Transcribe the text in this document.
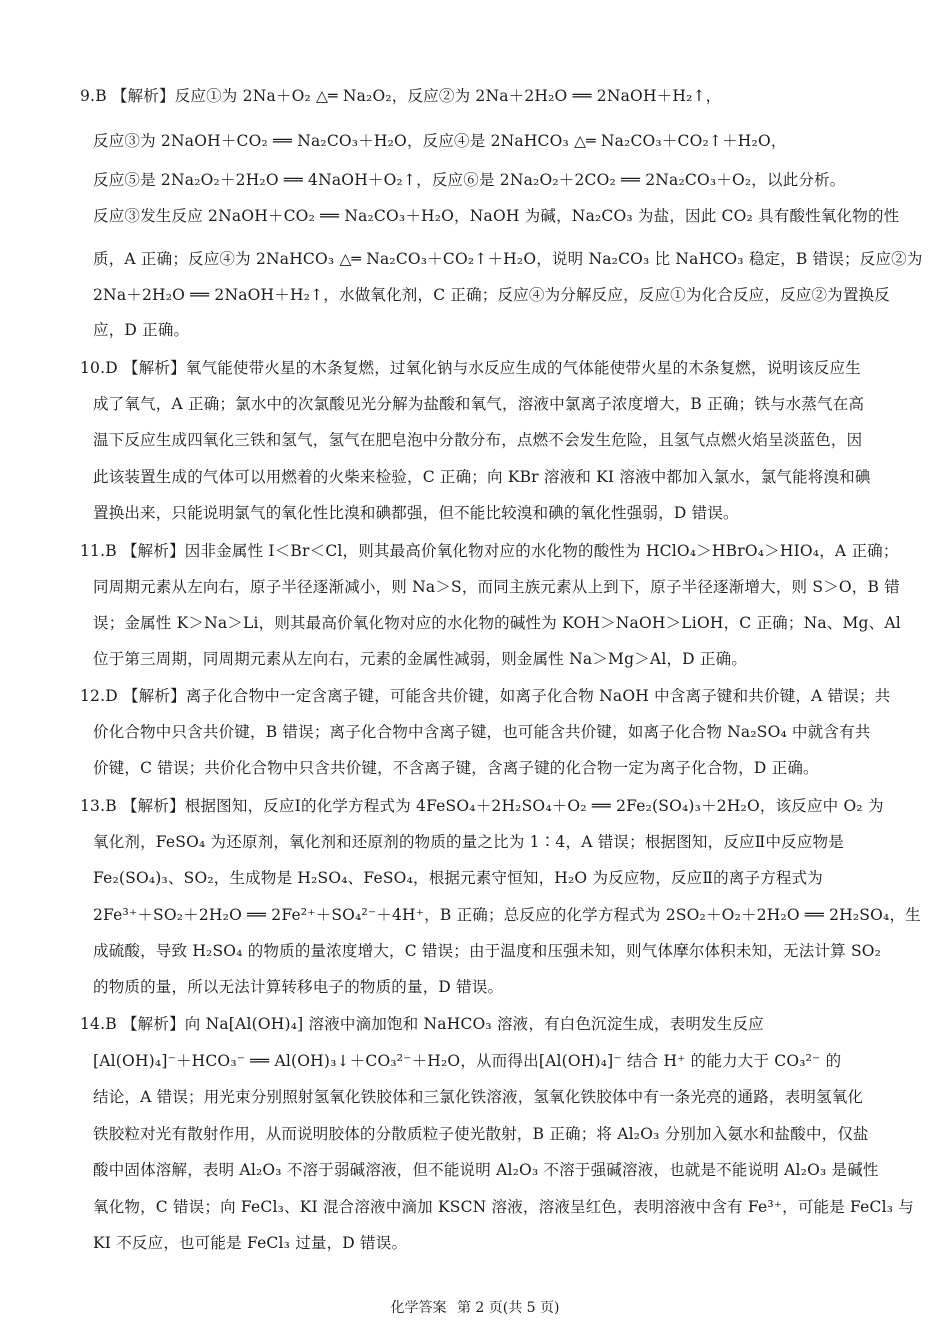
9.B 【解析】反应①为 2Na＋O₂ △═ Na₂O₂，反应②为 2Na＋2H₂O ══ 2NaOH＋H₂↑，
反应③为 2NaOH＋CO₂ ══ Na₂CO₃＋H₂O，反应④是 2NaHCO₃ △═ Na₂CO₃＋CO₂↑＋H₂O，
反应⑤是 2Na₂O₂＋2H₂O ══ 4NaOH＋O₂↑，反应⑥是 2Na₂O₂＋2CO₂ ══ 2Na₂CO₃＋O₂，以此分析。
反应③发生反应 2NaOH＋CO₂ ══ Na₂CO₃＋H₂O，NaOH 为碱，Na₂CO₃ 为盐，因此 CO₂ 具有酸性氧化物的性
质，A 正确；反应④为 2NaHCO₃ △═ Na₂CO₃＋CO₂↑＋H₂O，说明 Na₂CO₃ 比 NaHCO₃ 稳定，B 错误；反应②为
2Na＋2H₂O ══ 2NaOH＋H₂↑，水做氧化剂，C 正确；反应④为分解反应，反应①为化合反应，反应②为置换反
应，D 正确。
10.D 【解析】氧气能使带火星的木条复燃，过氧化钠与水反应生成的气体能使带火星的木条复燃，说明该反应生
成了氧气，A 正确；氯水中的次氯酸见光分解为盐酸和氧气，溶液中氯离子浓度增大，B 正确；铁与水蒸气在高
温下反应生成四氧化三铁和氢气，氢气在肥皂泡中分散分布，点燃不会发生危险，且氢气点燃火焰呈淡蓝色，因
此该装置生成的气体可以用燃着的火柴来检验，C 正确；向 KBr 溶液和 KI 溶液中都加入氯水，氯气能将溴和碘
置换出来，只能说明氯气的氧化性比溴和碘都强，但不能比较溴和碘的氧化性强弱，D 错误。
11.B 【解析】因非金属性 I＜Br＜Cl，则其最高价氧化物对应的水化物的酸性为 HClO₄＞HBrO₄＞HIO₄，A 正确；
同周期元素从左向右，原子半径逐渐减小，则 Na＞S，而同主族元素从上到下，原子半径逐渐增大，则 S＞O，B 错
误；金属性 K＞Na＞Li，则其最高价氧化物对应的水化物的碱性为 KOH＞NaOH＞LiOH，C 正确；Na、Mg、Al
位于第三周期，同周期元素从左向右，元素的金属性减弱，则金属性 Na＞Mg＞Al，D 正确。
12.D 【解析】离子化合物中一定含离子键，可能含共价键，如离子化合物 NaOH 中含离子键和共价键，A 错误；共
价化合物中只含共价键，B 错误；离子化合物中含离子键，也可能含共价键，如离子化合物 Na₂SO₄ 中就含有共
价键，C 错误；共价化合物中只含共价键，不含离子键，含离子键的化合物一定为离子化合物，D 正确。
13.B 【解析】根据图知，反应Ⅰ的化学方程式为 4FeSO₄＋2H₂SO₄＋O₂ ══ 2Fe₂(SO₄)₃＋2H₂O，该反应中 O₂ 为
氧化剂，FeSO₄ 为还原剂，氧化剂和还原剂的物质的量之比为 1∶4，A 错误；根据图知，反应Ⅱ中反应物是
Fe₂(SO₄)₃、SO₂，生成物是 H₂SO₄、FeSO₄，根据元素守恒知，H₂O 为反应物，反应Ⅱ的离子方程式为
2Fe³⁺＋SO₂＋2H₂O ══ 2Fe²⁺＋SO₄²⁻＋4H⁺，B 正确；总反应的化学方程式为 2SO₂＋O₂＋2H₂O ══ 2H₂SO₄，生
成硫酸，导致 H₂SO₄ 的物质的量浓度增大，C 错误；由于温度和压强未知，则气体摩尔体积未知，无法计算 SO₂
的物质的量，所以无法计算转移电子的物质的量，D 错误。
14.B 【解析】向 Na[Al(OH)₄] 溶液中滴加饱和 NaHCO₃ 溶液，有白色沉淀生成，表明发生反应
[Al(OH)₄]⁻＋HCO₃⁻ ══ Al(OH)₃↓＋CO₃²⁻＋H₂O，从而得出[Al(OH)₄]⁻ 结合 H⁺ 的能力大于 CO₃²⁻ 的
结论，A 错误；用光束分别照射氢氧化铁胶体和三氯化铁溶液，氢氧化铁胶体中有一条光亮的通路，表明氢氧化
铁胶粒对光有散射作用，从而说明胶体的分散质粒子使光散射，B 正确；将 Al₂O₃ 分别加入氨水和盐酸中，仅盐
酸中固体溶解，表明 Al₂O₃ 不溶于弱碱溶液，但不能说明 Al₂O₃ 不溶于强碱溶液，也就是不能说明 Al₂O₃ 是碱性
氧化物，C 错误；向 FeCl₃、KI 混合溶液中滴加 KSCN 溶液，溶液呈红色，表明溶液中含有 Fe³⁺，可能是 FeCl₃ 与
KI 不反应，也可能是 FeCl₃ 过量，D 错误。
化学答案 第 2 页(共 5 页)
